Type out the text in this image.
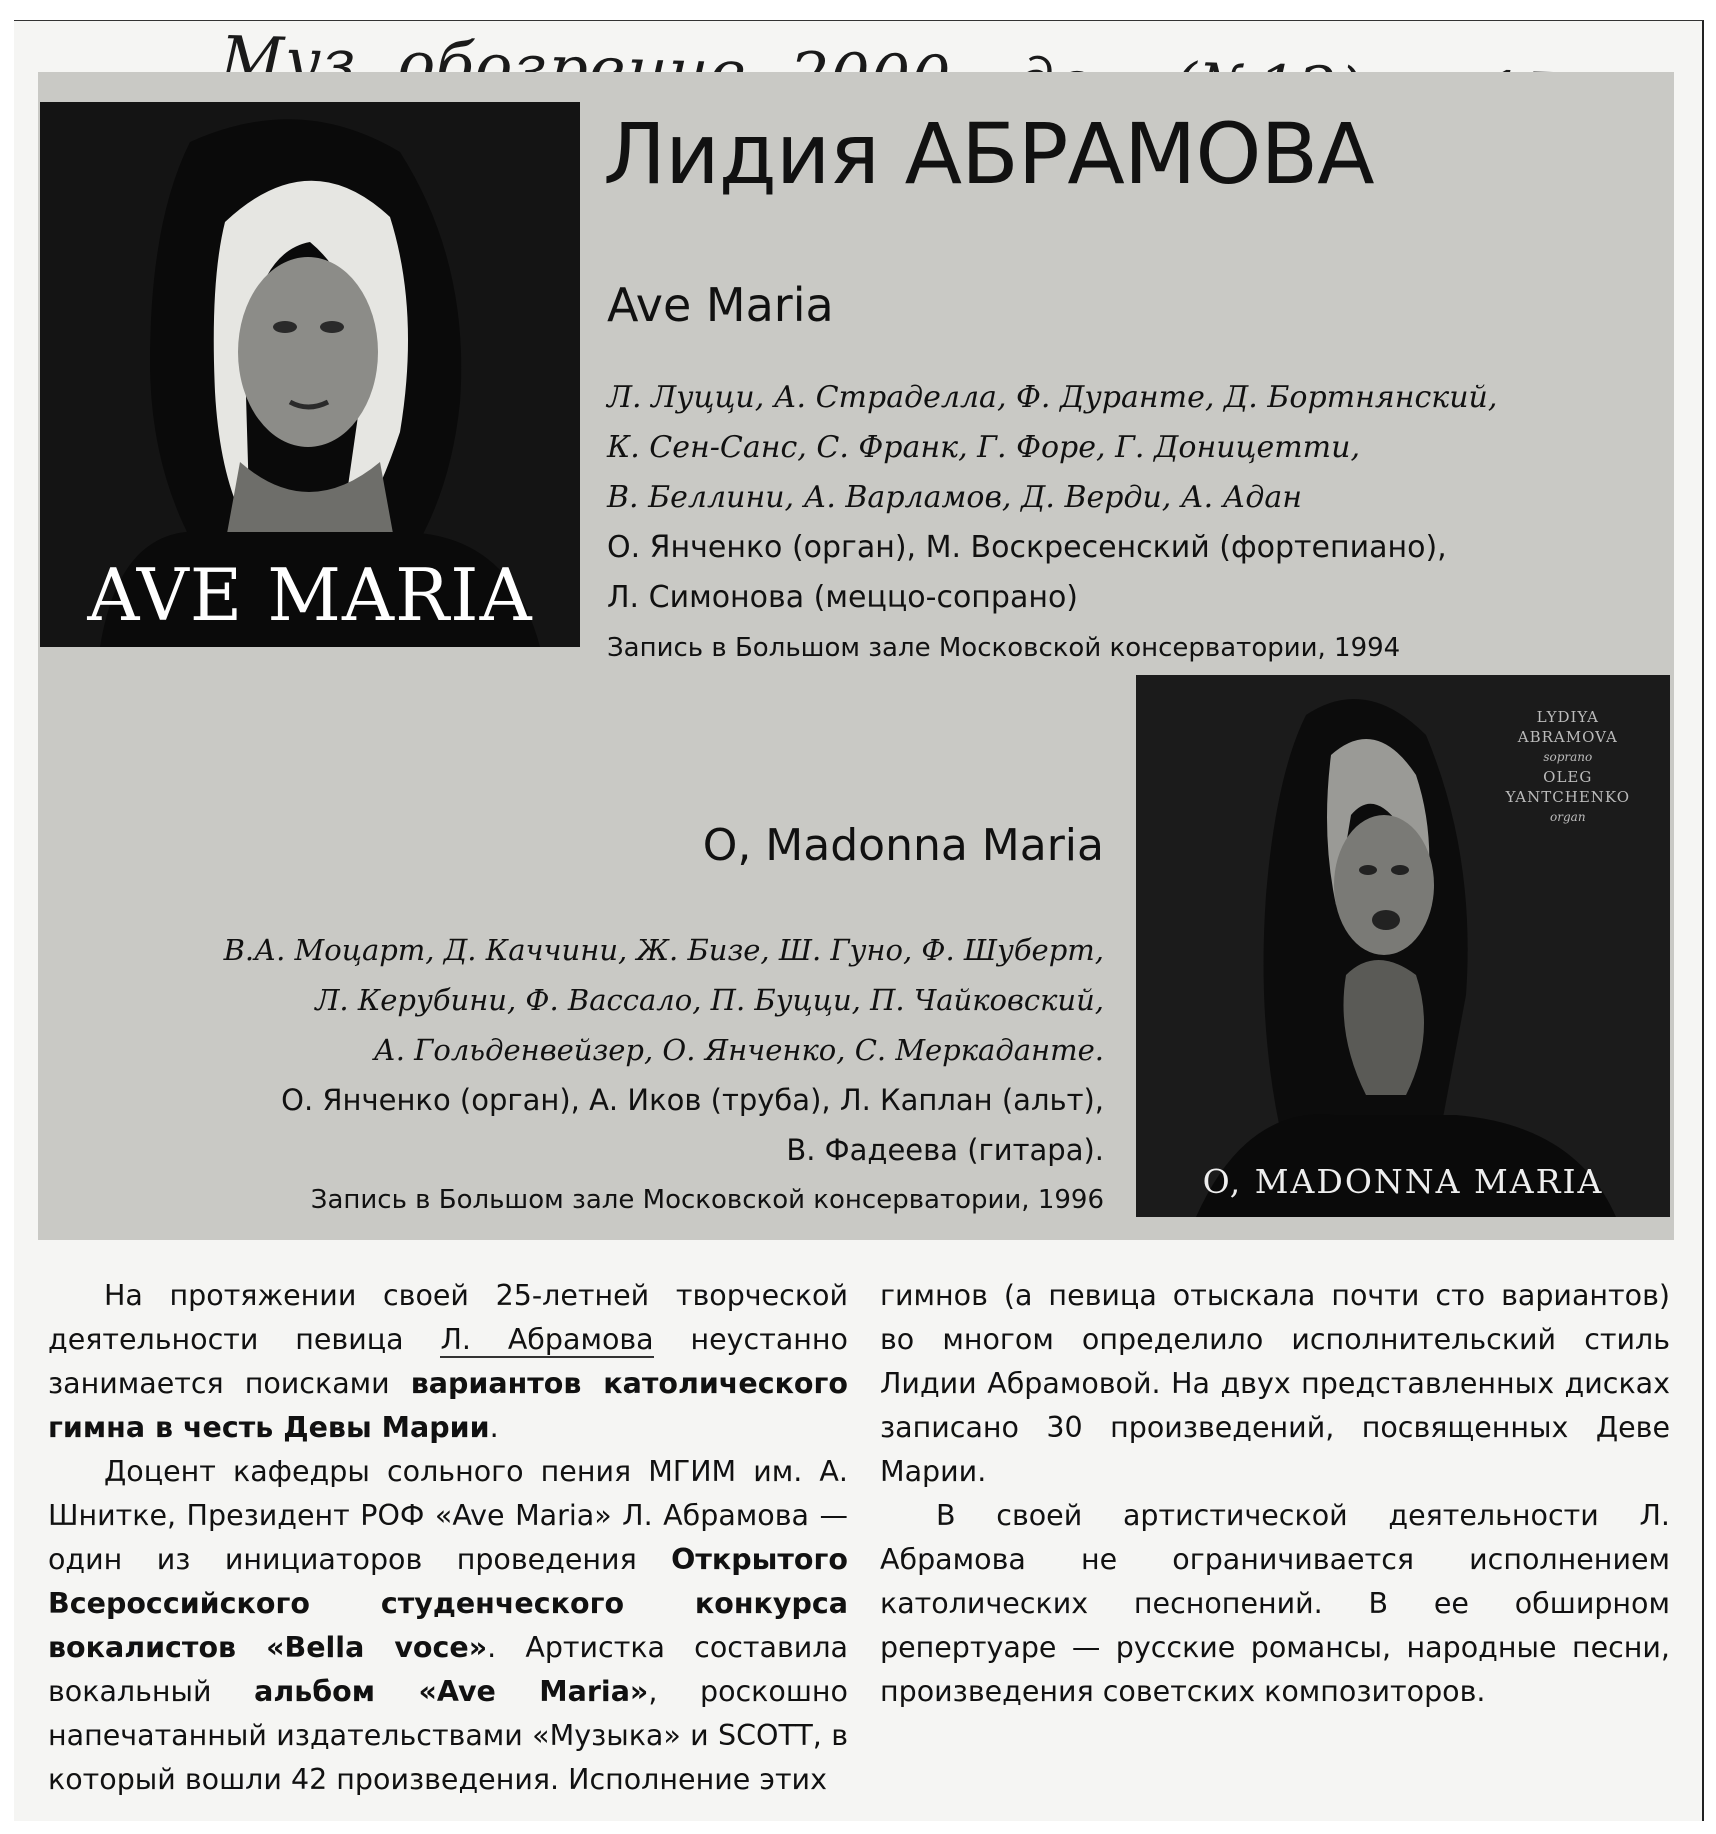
AVE MARIA
Лидия АБРАМОВА
Ave Maria
Л. Луцци, А. Страделла, Ф. Дуранте, Д. Бортнянский,
К. Сен-Санс, С. Франк, Г. Форе, Г. Доницетти,
В. Беллини, А. Варламов, Д. Верди, А. Адан
О. Янченко (орган), М. Воскресенский (фортепиано),
Л. Симонова (меццо-сопрано)
Запись в Большом зале Московской консерватории, 1994
LYDIYA
ABRAMOVA
soprano
OLEG
YANTCHENKO
organ
O, MADONNA MARIA
О, Madonna Maria
В.А. Моцарт, Д. Каччини, Ж. Бизе, Ш. Гуно, Ф. Шуберт,
Л. Керубини, Ф. Вассало, П. Буцци, П. Чайковский,
А. Гольденвейзер, О. Янченко, С. Меркаданте.
О. Янченко (орган), А. Иков (труба), Л. Каплан (альт),
В. Фадеева (гитара).
Запись в Большом зале Московской консерватории, 1996

На протяжении своей 25-летней творческой деятельности певица Л. Абрамова неустанно занимается поисками вариантов католического гимна в честь Девы Марии.

Доцент кафедры сольного пения МГИМ им. А. Шнитке, Президент РОФ «Ave Maria» Л. Абрамова — один из инициаторов проведения Открытого Всероссийского студенческого конкурса вокалистов «Bella voce». Артистка составила вокальный альбом «Ave Maria», роскошно напечатанный издательствами «Музыка» и SCOTT, в который вошли 42 произведения. Исполнение этих

гимнов (а певица отыскала почти сто вариантов) во многом определило исполнительский стиль Лидии Абрамовой. На двух представленных дисках записано 30 произведений, посвященных Деве Марии.

В своей артистической деятельности Л. Абрамова не ограничивается исполнением католических песнопений. В ее обширном репертуаре — русские романсы, народные песни, произведения советских композиторов.
